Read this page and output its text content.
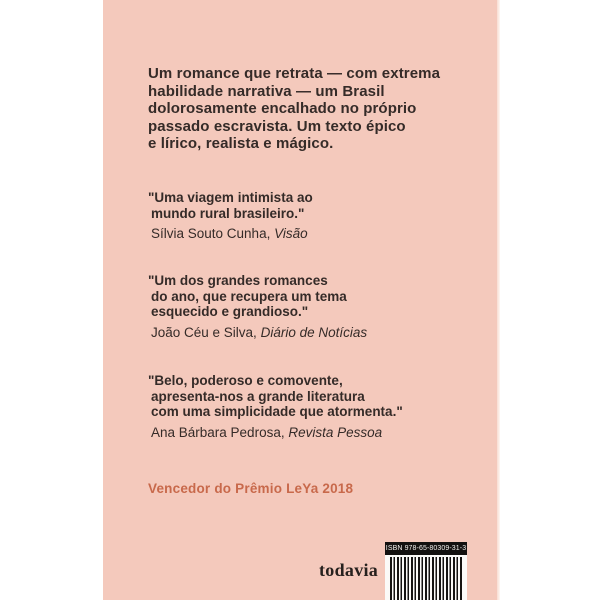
Um romance que retrata — com extrema
habilidade narrativa — um Brasil
dolorosamente encalhado no próprio
passado escravista. Um texto épico
e lírico, realista e mágico.
"Uma viagem intimista ao
mundo rural brasileiro."
Sílvia Souto Cunha, Visão
"Um dos grandes romances
do ano, que recupera um tema
esquecido e grandioso."
João Céu e Silva, Diário de Notícias
"Belo, poderoso e comovente,
apresenta-nos a grande literatura
com uma simplicidade que atormenta."
Ana Bárbara Pedrosa, Revista Pessoa
Vencedor do Prêmio LeYa 2018
todavia
ISBN 978-65-80309-31-3
